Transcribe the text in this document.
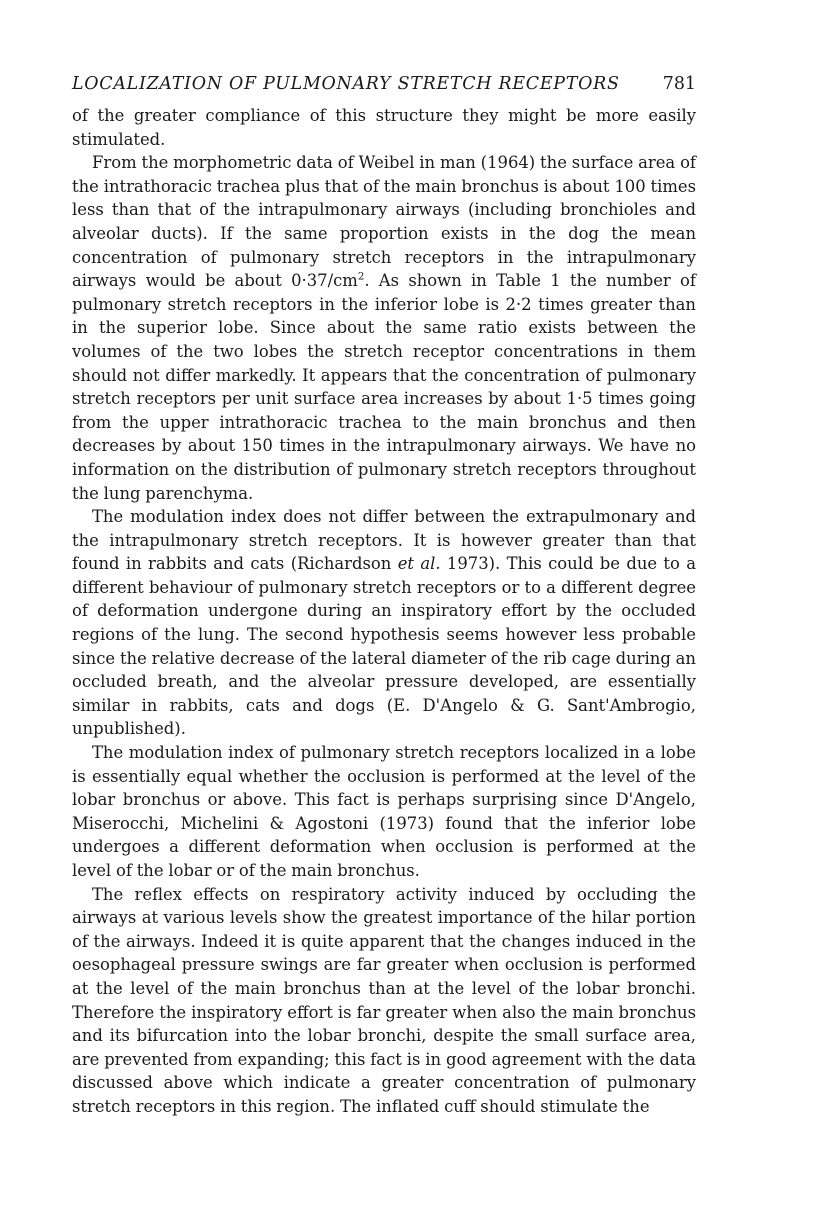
LOCALIZATION OF PULMONARY STRETCH RECEPTORS 781

of the greater compliance of this structure they might be more easily stimulated.

From the morphometric data of Weibel in man (1964) the surface area of the intrathoracic trachea plus that of the main bronchus is about 100 times less than that of the intrapulmonary airways (including bronchioles and alveolar ducts). If the same proportion exists in the dog the mean concentration of pulmonary stretch receptors in the intrapulmonary airways would be about $0\cdot 37/cm^2$. As shown in Table 1 the number of pulmonary stretch receptors in the inferior lobe is 2·2 times greater than in the superior lobe. Since about the same ratio exists between the volumes of the two lobes the stretch receptor concentrations in them should not differ markedly. It appears that the concentration of pulmonary stretch receptors per unit surface area increases by about 1·5 times going from the upper intrathoracic trachea to the main bronchus and then decreases by about 150 times in the intrapulmonary airways. We have no information on the distribution of pulmonary stretch receptors throughout the lung parenchyma.

The modulation index does not differ between the extrapulmonary and the intrapulmonary stretch receptors. It is however greater than that found in rabbits and cats (Richardson et al. 1973). This could be due to a different behaviour of pulmonary stretch receptors or to a different degree of deformation undergone during an inspiratory effort by the occluded regions of the lung. The second hypothesis seems however less probable since the relative decrease of the lateral diameter of the rib cage during an occluded breath, and the alveolar pressure developed, are essentially similar in rabbits, cats and dogs (E. D'Angelo & G. Sant'Ambrogio, unpublished).

The modulation index of pulmonary stretch receptors localized in a lobe is essentially equal whether the occlusion is performed at the level of the lobar bronchus or above. This fact is perhaps surprising since D'Angelo, Miserocchi, Michelini & Agostoni (1973) found that the inferior lobe undergoes a different deformation when occlusion is performed at the level of the lobar or of the main bronchus.

The reflex effects on respiratory activity induced by occluding the airways at various levels show the greatest importance of the hilar portion of the airways. Indeed it is quite apparent that the changes induced in the oesophageal pressure swings are far greater when occlusion is performed at the level of the main bronchus than at the level of the lobar bronchi. Therefore the inspiratory effort is far greater when also the main bronchus and its bifurcation into the lobar bronchi, despite the small surface area, are prevented from expanding; this fact is in good agreement with the data discussed above which indicate a greater concentration of pulmonary stretch receptors in this region. The inflated cuff should stimulate the
